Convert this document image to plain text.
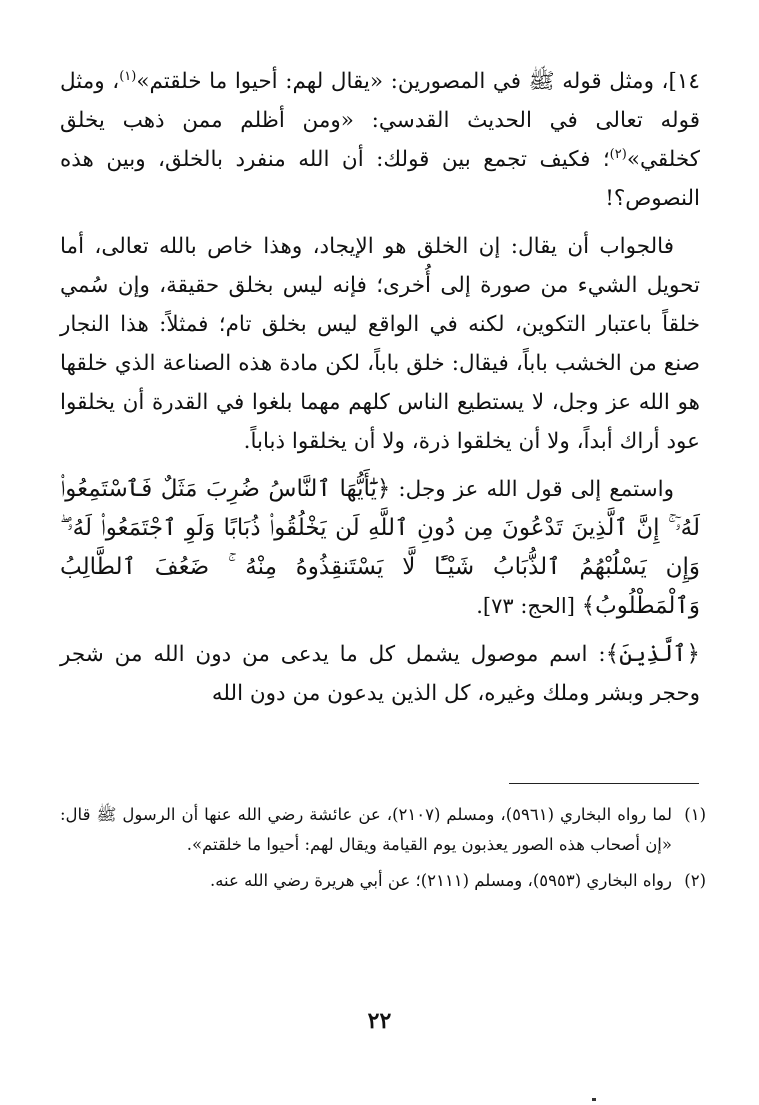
١٤]، ومثل قوله ﷺ في المصورين: «يقال لهم: أحيوا ما خلقتم»$^{(١)}$، ومثل قوله تعالى في الحديث القدسي: «ومن أظلم ممن ذهب يخلق كخلقي»$^{(٢)}$؛ فكيف تجمع بين قولك: أن الله منفرد بالخلق، وبين هذه النصوص؟!

فالجواب أن يقال: إن الخلق هو الإيجاد، وهذا خاص بالله تعالى، أما تحويل الشيء من صورة إلى أُخرى؛ فإنه ليس بخلق حقيقة، وإن سُمي خلقاً باعتبار التكوين، لكنه في الواقع ليس بخلق تام؛ فمثلاً: هذا النجار صنع من الخشب باباً، فيقال: خلق باباً، لكن مادة هذه الصناعة الذي خلقها هو الله عز وجل، لا يستطيع الناس كلهم مهما بلغوا في القدرة أن يخلقوا عود أراك أبداً، ولا أن يخلقوا ذرة، ولا أن يخلقوا ذباباً.

واستمع إلى قول الله عز وجل: ﴿يَٰٓأَيُّهَا ٱلنَّاسُ ضُرِبَ مَثَلٌ فَٱسْتَمِعُوا۟ لَهُۥٓ ۚ إِنَّ ٱلَّذِينَ تَدْعُونَ مِن دُونِ ٱللَّهِ لَن يَخْلُقُوا۟ ذُبَابًا وَلَوِ ٱجْتَمَعُوا۟ لَهُۥ ۖ وَإِن يَسْلُبْهُمُ ٱلذُّبَابُ شَيْـًٔا لَّا يَسْتَنقِذُوهُ مِنْهُ ۚ ضَعُفَ ٱلطَّالِبُ وَٱلْمَطْلُوبُ﴾ [الحج: ٧٣].

﴿ٱلَّذِينَ﴾: اسم موصول يشمل كل ما يدعى من دون الله من شجر وحجر وبشر وملك وغيره، كل الذين يدعون من دون الله

(١)
لما رواه البخاري (٥٩٦١)، ومسلم (٢١٠٧)، عن عائشة رضي الله عنها أن الرسول ﷺ قال: «إن أصحاب هذه الصور يعذبون يوم القيامة ويقال لهم: أحيوا ما خلقتم».

(٢)
رواه البخاري (٥٩٥٣)، ومسلم (٢١١١)؛ عن أبي هريرة رضي الله عنه.

٢٢
